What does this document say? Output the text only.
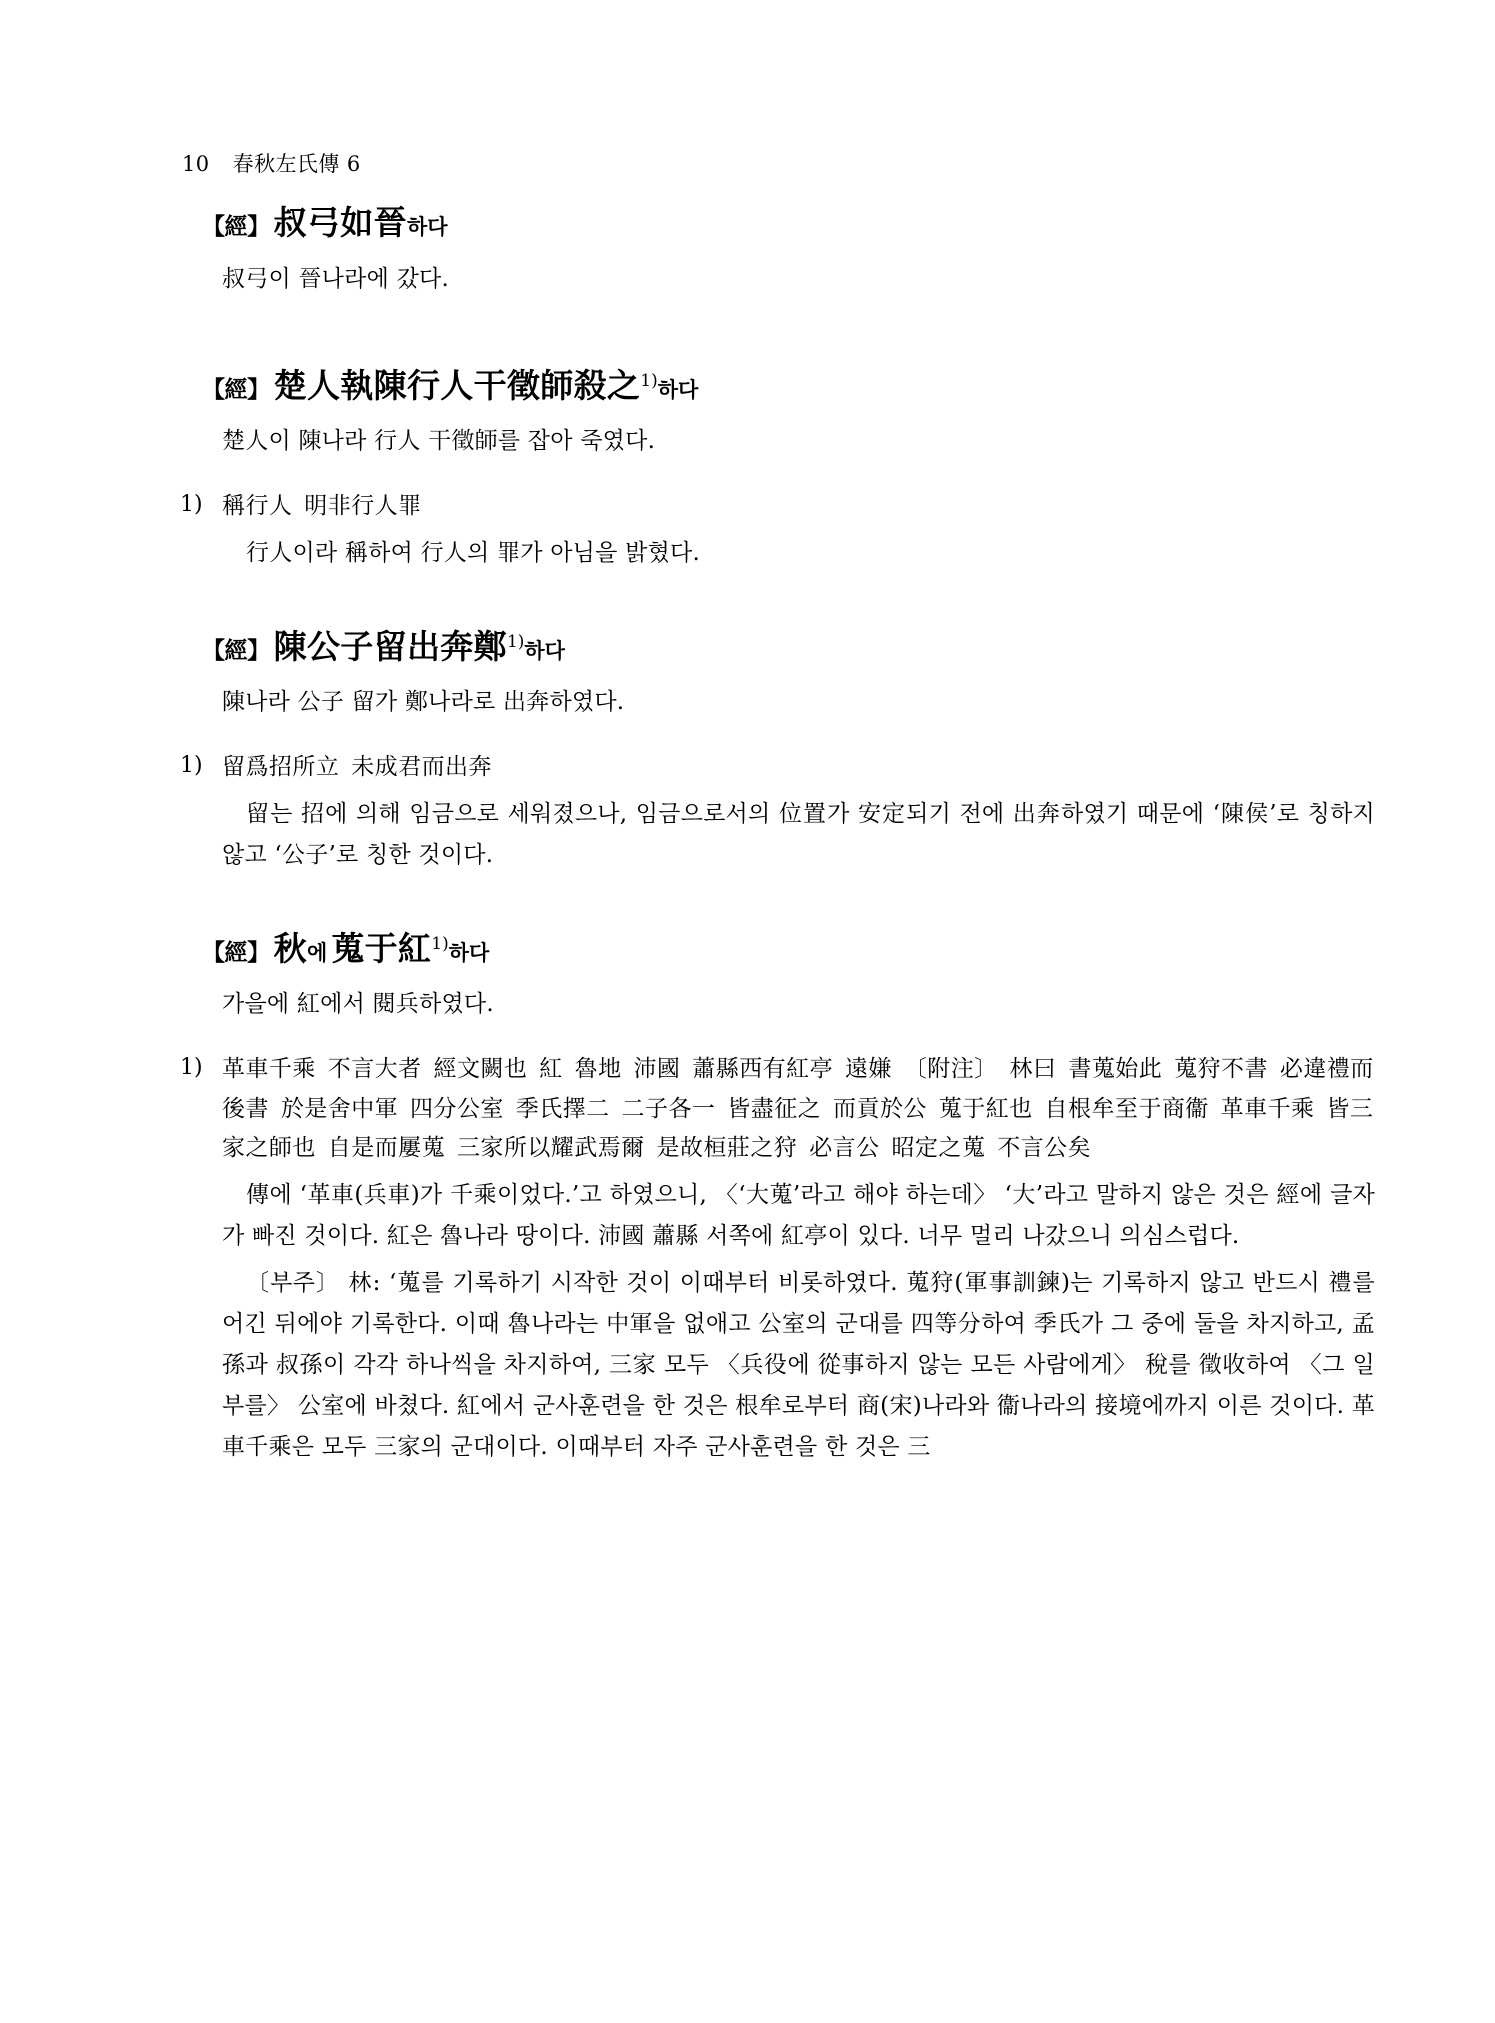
10 春秋左氏傳 6
【經】 叔弓如晉하다
叔弓이 晉나라에 갔다.
【經】 楚人執陳行人干徵師殺之$^{1)}$하다
楚人이 陳나라 行人 干徵師를 잡아 죽였다.
1) 稱行人 明非行人罪
行人이라 稱하여 行人의 罪가 아님을 밝혔다.
【經】 陳公子留出奔鄭$^{1)}$하다
陳나라 公子 留가 鄭나라로 出奔하였다.
1) 留爲招所立 未成君而出奔
留는 招에 의해 임금으로 세워졌으나, 임금으로서의 位置가 安定되기 전에 出奔하였기 때문에 ‘陳侯’로 칭하지 않고 ‘公子’로 칭한 것이다.
【經】 秋에 蒐于紅$^{1)}$하다
가을에 紅에서 閱兵하였다.
1) 革車千乘 不言大者 經文闕也 紅 魯地 沛國 蕭縣西有紅亭 遠嫌 〔附注〕 林曰 書蒐始此 蒐狩不書 必違禮而後書 於是舍中軍 四分公室 季氏擇二 二子各一 皆盡征之 而貢於公 蒐于紅也 自根牟至于商衞 革車千乘 皆三家之師也 自是而屢蒐 三家所以耀武焉爾 是故桓莊之狩 必言公 昭定之蒐 不言公矣
傳에 ‘革車(兵車)가 千乘이었다.’고 하였으니, 〈‘大蒐’라고 해야 하는데〉 ‘大’라고 말하지 않은 것은 經에 글자가 빠진 것이다. 紅은 魯나라 땅이다. 沛國 蕭縣 서쪽에 紅亭이 있다. 너무 멀리 나갔으니 의심스럽다.
〔부주〕 林: ‘蒐를 기록하기 시작한 것이 이때부터 비롯하였다. 蒐狩(軍事訓鍊)는 기록하지 않고 반드시 禮를 어긴 뒤에야 기록한다. 이때 魯나라는 中軍을 없애고 公室의 군대를 四等分하여 季氏가 그 중에 둘을 차지하고, 孟孫과 叔孫이 각각 하나씩을 차지하여, 三家 모두 〈兵役에 從事하지 않는 모든 사람에게〉 稅를 徵收하여 〈그 일부를〉 公室에 바쳤다. 紅에서 군사훈련을 한 것은 根牟로부터 商(宋)나라와 衞나라의 接境에까지 이른 것이다. 革車千乘은 모두 三家의 군대이다. 이때부터 자주 군사훈련을 한 것은 三
